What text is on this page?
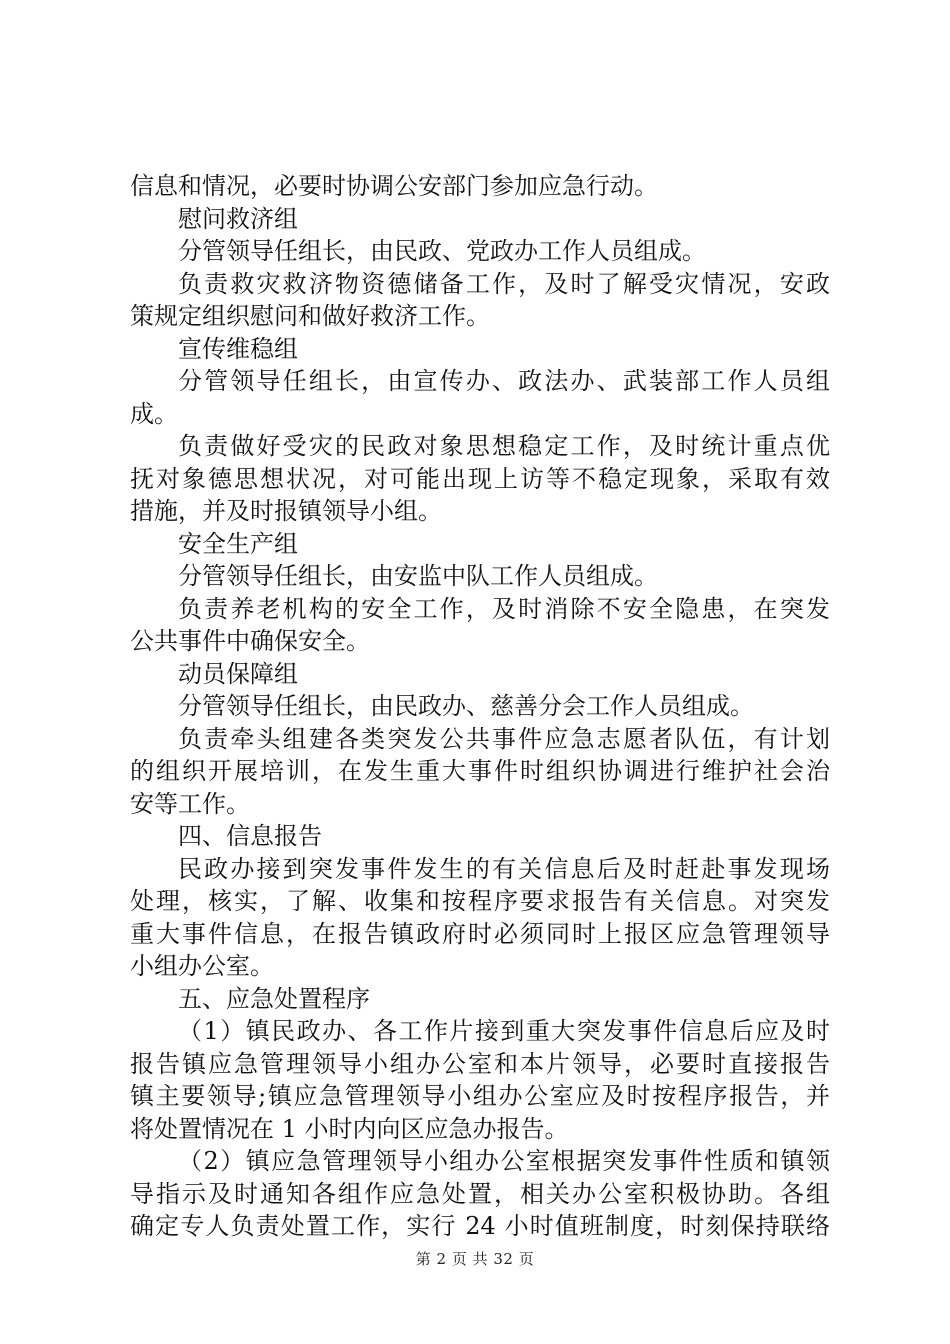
信息和情况，必要时协调公安部门参加应急行动。
慰问救济组
分管领导任组长，由民政、党政办工作人员组成。
负责救灾救济物资德储备工作，及时了解受灾情况，安政
策规定组织慰问和做好救济工作。
宣传维稳组
分管领导任组长，由宣传办、政法办、武装部工作人员组
成。
负责做好受灾的民政对象思想稳定工作，及时统计重点优
抚对象德思想状况，对可能出现上访等不稳定现象，采取有效
措施，并及时报镇领导小组。
安全生产组
分管领导任组长，由安监中队工作人员组成。
负责养老机构的安全工作，及时消除不安全隐患，在突发
公共事件中确保安全。
动员保障组
分管领导任组长，由民政办、慈善分会工作人员组成。
负责牵头组建各类突发公共事件应急志愿者队伍，有计划
的组织开展培训，在发生重大事件时组织协调进行维护社会治
安等工作。
四、信息报告
民政办接到突发事件发生的有关信息后及时赶赴事发现场
处理，核实，了解、收集和按程序要求报告有关信息。对突发
重大事件信息，在报告镇政府时必须同时上报区应急管理领导
小组办公室。
五、应急处置程序
（1）镇民政办、各工作片接到重大突发事件信息后应及时
报告镇应急管理领导小组办公室和本片领导，必要时直接报告
镇主要领导;镇应急管理领导小组办公室应及时按程序报告，并
将处置情况在 1 小时内向区应急办报告。
（2）镇应急管理领导小组办公室根据突发事件性质和镇领
导指示及时通知各组作应急处置，相关办公室积极协助。各组
确定专人负责处置工作，实行 24 小时值班制度，时刻保持联络
第 2 页 共 32 页
